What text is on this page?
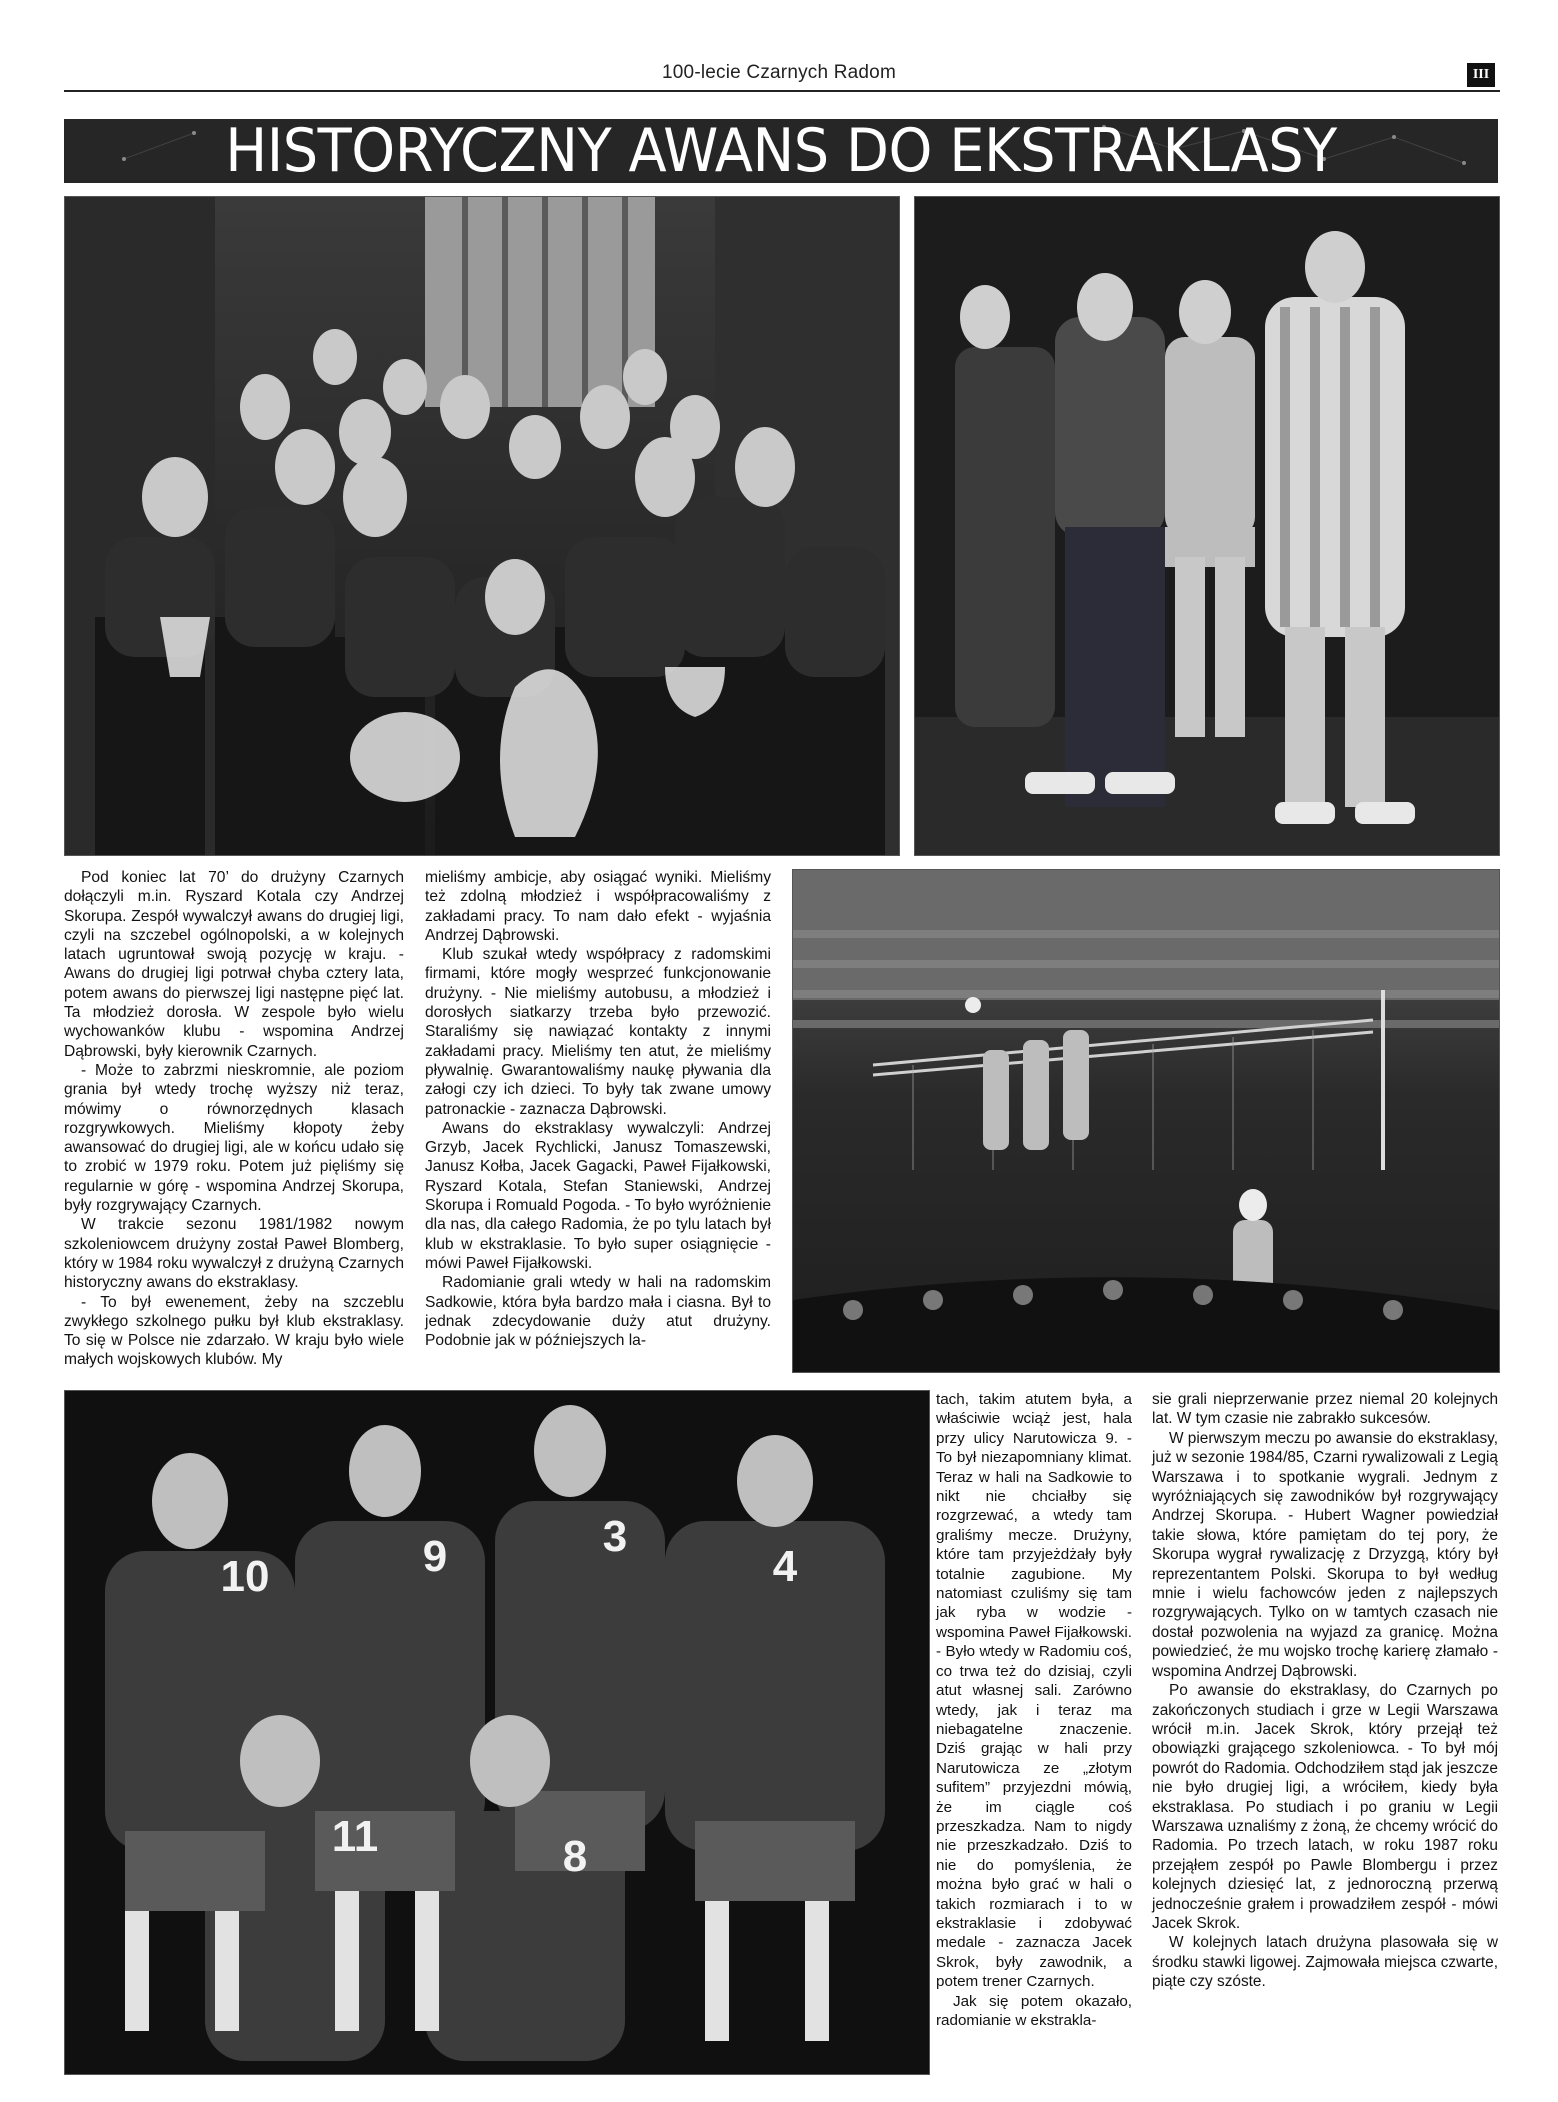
100-lecie Czarnych Radom	III
HISTORYCZNY AWANS DO EKSTRAKLASY
10	9	3
4
11	8

Pod koniec lat 70’ do drużyny Czarnych dołączyli m.in. Ryszard Kotala czy Andrzej Skorupa. Zespół wywalczył awans do drugiej ligi, czyli na szczebel ogólnopolski, a w kolejnych latach ugruntował swoją pozycję w kraju. - Awans do drugiej ligi potrwał chyba cztery lata, potem awans do pierwszej ligi następne pięć lat. Ta młodzież dorosła. W zespole było wielu wychowanków klubu - wspomina Andrzej Dąbrowski, były kierownik Czarnych.

- Może to zabrzmi nieskromnie, ale poziom grania był wtedy trochę wyższy niż teraz, mówimy o równorzędnych klasach rozgrywkowych. Mieliśmy kłopoty żeby awansować do drugiej ligi, ale w końcu udało się to zrobić w 1979 roku. Potem już pięliśmy się regularnie w górę - wspomina Andrzej Skorupa, były rozgrywający Czarnych.

W trakcie sezonu 1981/1982 nowym szkoleniowcem drużyny został Paweł Blomberg, który w 1984 roku wywalczył z drużyną Czarnych historyczny awans do ekstraklasy.

- To był ewenement, żeby na szczeblu zwykłego szkolnego pułku był klub ekstraklasy. To się w Polsce nie zdarzało. W kraju było wiele małych wojskowych klubów. My

mieliśmy ambicje, aby osiągać wyniki. Mieliśmy też zdolną młodzież i współpracowaliśmy z zakładami pracy. To nam dało efekt - wyjaśnia Andrzej Dąbrowski.

Klub szukał wtedy współpracy z radomskimi firmami, które mogły wesprzeć funkcjonowanie drużyny. - Nie mieliśmy autobusu, a młodzież i dorosłych siatkarzy trzeba było przewozić. Staraliśmy się nawiązać kontakty z innymi zakładami pracy. Mieliśmy ten atut, że mieliśmy pływalnię. Gwarantowaliśmy naukę pływania dla załogi czy ich dzieci. To były tak zwane umowy patronackie - zaznacza Dąbrowski.

Awans do ekstraklasy wywalczyli: Andrzej Grzyb, Jacek Rychlicki, Janusz Tomaszewski, Janusz Kołba, Jacek Gagacki, Paweł Fijałkowski, Ryszard Kotala, Stefan Staniewski, Andrzej Skorupa i Romuald Pogoda. - To było wyróżnienie dla nas, dla całego Radomia, że po tylu latach był klub w ekstraklasie. To było super osiągnięcie - mówi Paweł Fijałkowski.

Radomianie grali wtedy w hali na radomskim Sadkowie, która była bardzo mała i ciasna. Był to jednak zdecydowanie duży atut drużyny. Podobnie jak w późniejszych la-

tach, takim atutem była, a właściwie wciąż jest, hala przy ulicy Narutowicza 9. - To był niezapomniany klimat. Teraz w hali na Sadkowie to nikt nie chciałby się rozgrzewać, a wtedy tam graliśmy mecze. Drużyny, które tam przyjeżdżały były totalnie zagubione. My natomiast czuliśmy się tam jak ryba w wodzie - wspomina Paweł Fijałkowski. - Było wtedy w Radomiu coś, co trwa też do dzisiaj, czyli atut własnej sali. Zarówno wtedy, jak i teraz ma niebagatelne znaczenie. Dziś grając w hali przy Narutowicza ze „złotym sufitem” przyjezdni mówią, że im ciągle coś przeszkadza. Nam to nigdy nie przeszkadzało. Dziś to nie do pomyślenia, że można było grać w hali o takich rozmiarach i to w ekstraklasie i zdobywać medale - zaznacza Jacek Skrok, były zawodnik, a potem trener Czarnych.

Jak się potem okazało, radomianie w ekstrakla-

sie grali nieprzerwanie przez niemal 20 kolejnych lat. W tym czasie nie zabrakło sukcesów.

W pierwszym meczu po awansie do ekstraklasy, już w sezonie 1984/85, Czarni rywalizowali z Legią Warszawa i to spotkanie wygrali. Jednym z wyróżniających się zawodników był rozgrywający Andrzej Skorupa. - Hubert Wagner powiedział takie słowa, które pamiętam do tej pory, że Skorupa wygrał rywalizację z Drzyzgą, który był reprezentantem Polski. Skorupa to był według mnie i wielu fachowców jeden z najlepszych rozgrywających. Tylko on w tamtych czasach nie dostał pozwolenia na wyjazd za granicę. Można powiedzieć, że mu wojsko trochę karierę złamało - wspomina Andrzej Dąbrowski.

Po awansie do ekstraklasy, do Czarnych po zakończonych studiach i grze w Legii Warszawa wrócił m.in. Jacek Skrok, który przejął też obowiązki grającego szkoleniowca. - To był mój powrót do Radomia. Odchodziłem stąd jak jeszcze nie było drugiej ligi, a wróciłem, kiedy była ekstraklasa. Po studiach i po graniu w Legii Warszawa uznaliśmy z żoną, że chcemy wrócić do Radomia. Po trzech latach, w roku 1987 roku przejąłem zespół po Pawle Blombergu i przez kolejnych dziesięć lat, z jednoroczną przerwą jednocześnie grałem i prowadziłem zespół - mówi Jacek Skrok.

W kolejnych latach drużyna plasowała się w środku stawki ligowej. Zajmowała miejsca czwarte, piąte czy szóste.
